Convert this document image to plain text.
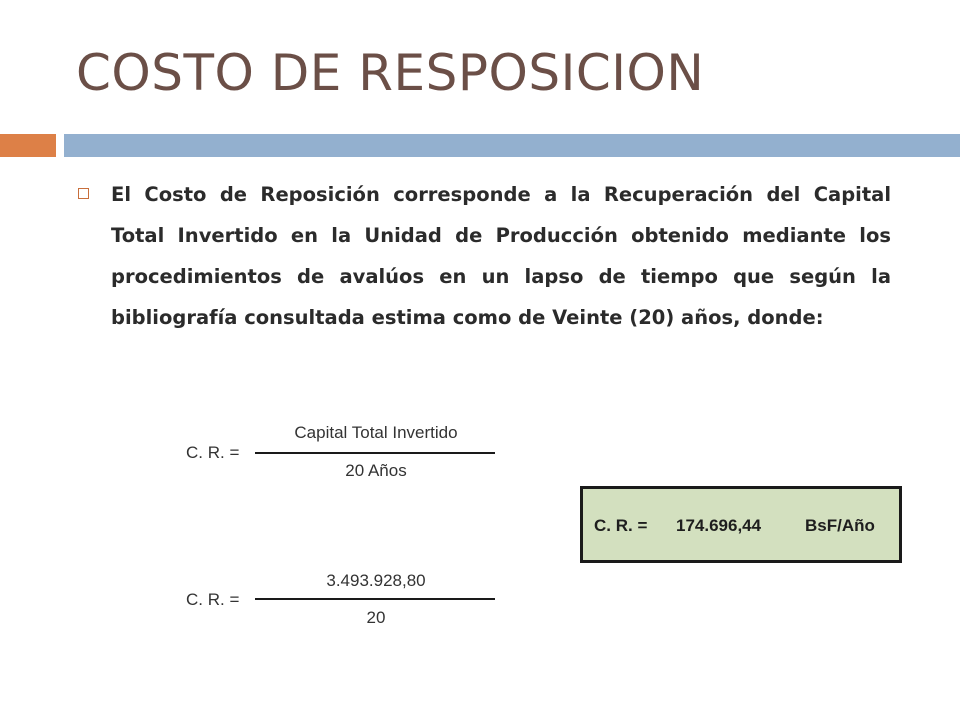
COSTO DE RESPOSICION
El Costo de Reposición corresponde a la Recuperación del Capital Total Invertido en la Unidad de Producción obtenido mediante los procedimientos de avalúos en un lapso de tiempo que según la bibliografía consultada estima como de Veinte (20) años, donde:
C. R. =
Capital Total Invertido
20 Años
C. R. =
3.493.928,80
20
C. R. = 174.696,44	BsF/Año
